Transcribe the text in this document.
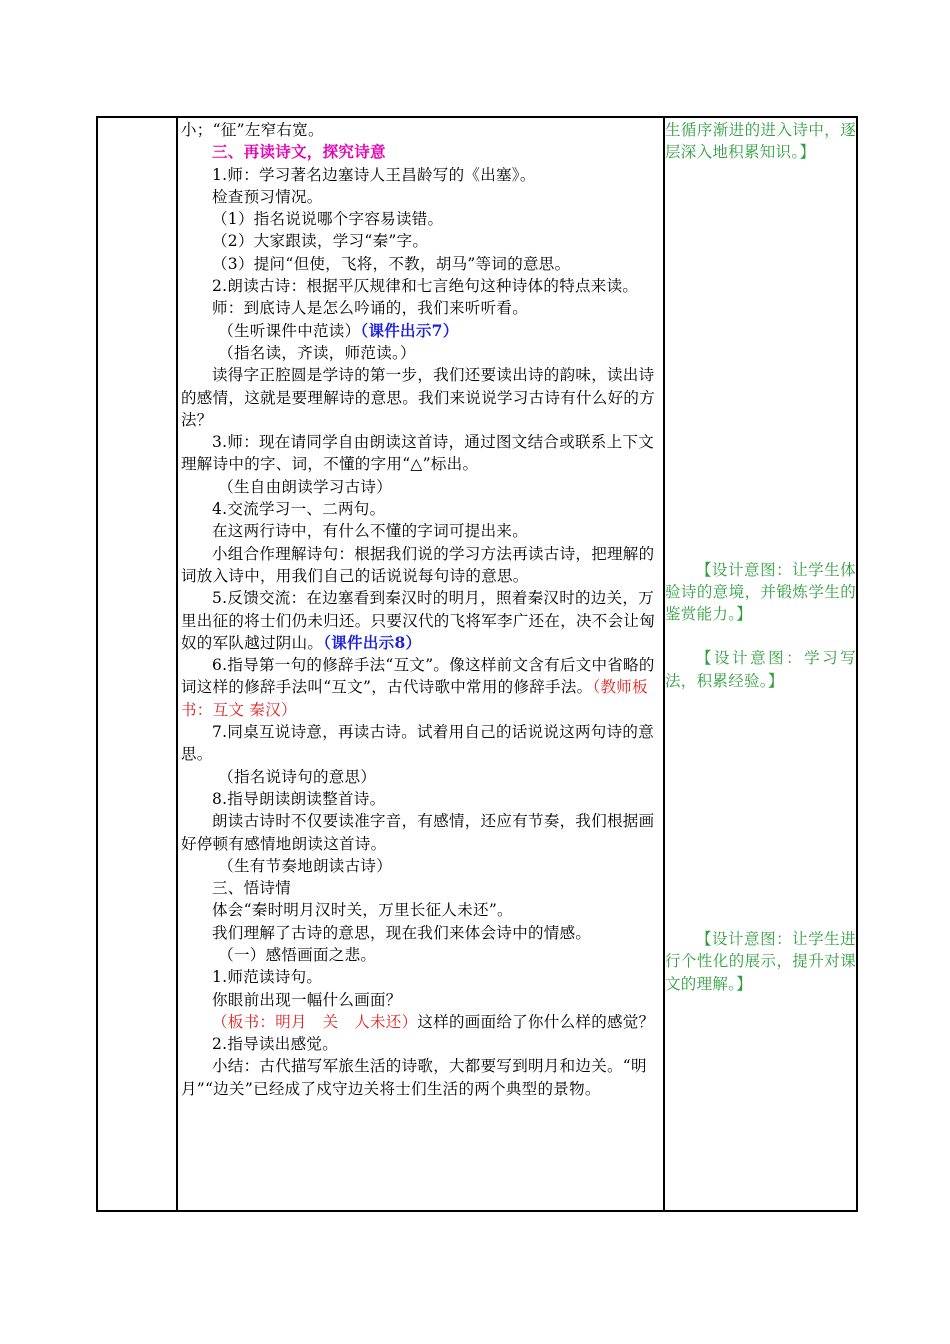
小；“征”左窄右宽。

三、再读诗文，探究诗意

1.师：学习著名边塞诗人王昌龄写的《出塞》。

检查预习情况。

（1）指名说说哪个字容易读错。

（2）大家跟读，学习“秦”字。

（3）提问“但使，飞将，不教，胡马”等词的意思。

2.朗读古诗：根据平仄规律和七言绝句这种诗体的特点来读。

师：到底诗人是怎么吟诵的，我们来听听看。

（生听课件中范读）（课件出示7）

（指名读，齐读，师范读。）

读得字正腔圆是学诗的第一步，我们还要读出诗的韵味，读出诗的感情，这就是要理解诗的意思。我们来说说学习古诗有什么好的方法？

3.师：现在请同学自由朗读这首诗，通过图文结合或联系上下文理解诗中的字、词，不懂的字用“△”标出。

（生自由朗读学习古诗）

4.交流学习一、二两句。

在这两行诗中，有什么不懂的字词可提出来。

小组合作理解诗句：根据我们说的学习方法再读古诗，把理解的词放入诗中，用我们自己的话说说每句诗的意思。

5.反馈交流：在边塞看到秦汉时的明月，照着秦汉时的边关，万里出征的将士们仍未归还。只要汉代的飞将军李广还在，决不会让匈奴的军队越过阴山。（课件出示8）

6.指导第一句的修辞手法“互文”。像这样前文含有后文中省略的词这样的修辞手法叫“互文”，古代诗歌中常用的修辞手法。（教师板书：互文 秦汉）

7.同桌互说诗意，再读古诗。试着用自己的话说说这两句诗的意思。

（指名说诗句的意思）

8.指导朗读朗读整首诗。

朗读古诗时不仅要读准字音，有感情，还应有节奏，我们根据画好停顿有感情地朗读这首诗。

（生有节奏地朗读古诗）

三、悟诗情

体会“秦时明月汉时关，万里长征人未还”。

我们理解了古诗的意思，现在我们来体会诗中的情感。

（一）感悟画面之悲。

1.师范读诗句。

你眼前出现一幅什么画面？

（板书：明月　关　人未还）这样的画面给了你什么样的感觉？

2.指导读出感觉。

小结：古代描写军旅生活的诗歌，大都要写到明月和边关。“明月”“边关”已经成了戍守边关将士们生活的两个典型的景物。

生循序渐进的进入诗中，逐层深入地积累知识。】

【设计意图：让学生体验诗的意境，并锻炼学生的鉴赏能力。】

【设计意图：学习写法，积累经验。】

【设计意图：让学生进行个性化的展示，提升对课文的理解。】
